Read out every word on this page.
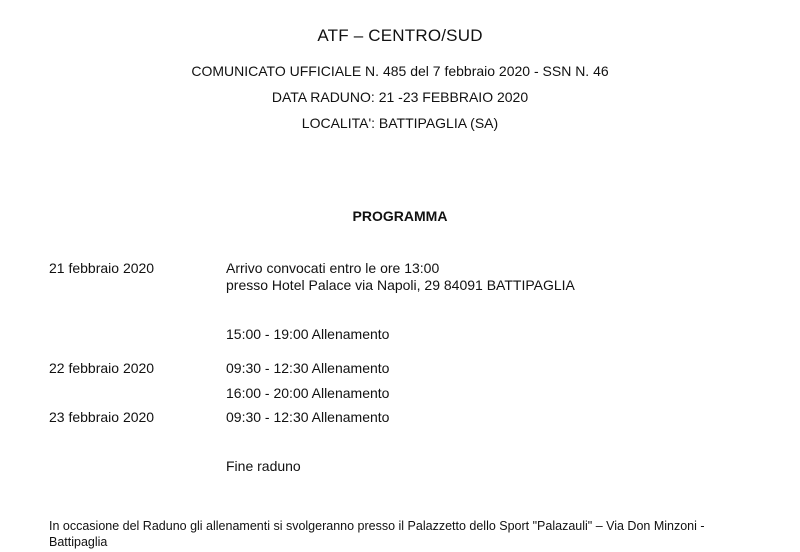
ATF – CENTRO/SUD
COMUNICATO UFFICIALE N. 485 del 7 febbraio 2020 - SSN N. 46
DATA RADUNO: 21 -23 FEBBRAIO 2020
LOCALITA': BATTIPAGLIA (SA)
PROGRAMMA
21 febbraio 2020	Arrivo convocati entro le ore 13:00
presso Hotel Palace via Napoli, 29 84091 BATTIPAGLIA
15:00 - 19:00 Allenamento
22 febbraio 2020	09:30 - 12:30 Allenamento
16:00 - 20:00 Allenamento
23 febbraio 2020	09:30 - 12:30 Allenamento
Fine raduno
In occasione del Raduno gli allenamenti si svolgeranno presso il Palazzetto dello Sport "Palazauli" – Via Don Minzoni -
Battipaglia
